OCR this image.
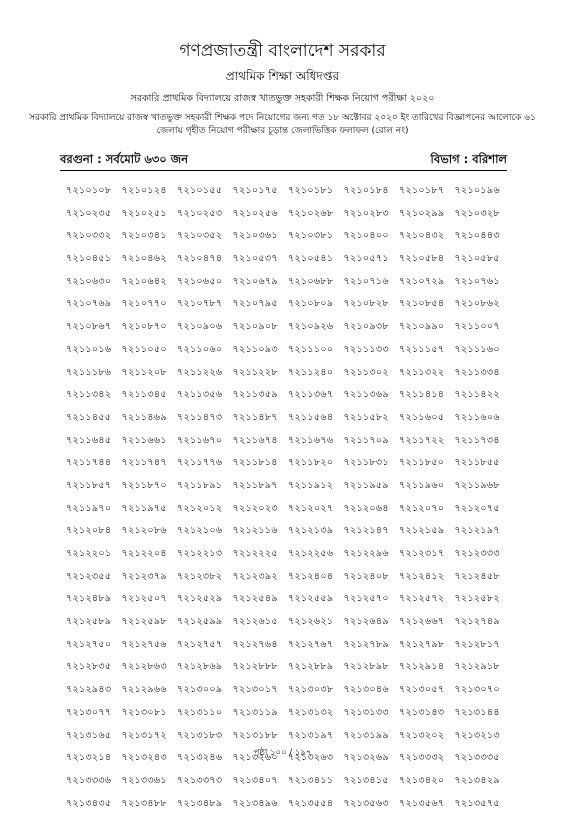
গণপ্রজাতন্ত্রী বাংলাদেশ সরকার
প্রাথমিক শিক্ষা অধিদপ্তর
সরকারি প্রাথমিক বিদ্যালয়ে রাজস্ব খাতভুক্ত সহকারী শিক্ষক নিয়োগ পরীক্ষা ২০২০
সরকারি প্রাথমিক বিদ্যালয়ে রাজস্ব খাতভুক্ত সহকারী শিক্ষক পদে নিয়োগের জন্য গত ১৮ অক্টোবর ২০২০ ইং তারিখের বিজ্ঞাপনের আলোকে ৬১ জেলায় গৃহীত নিয়োগ পরীক্ষার চূড়ান্ত জেলাভিত্তিক ফলাফল (রোল নং)
বরগুনা : সর্বমোট ৬৩০ জন	বিভাগ : বরিশাল
৭২১০১০৮	৭২১০১২৪	৭২১০১৫৫	৭২১০১৭৫	৭২১০১৮১	৭২১০১৮৪	৭২১০১৮৭	৭২১০১৯৬
৭২১০২৩৫	৭২১০২৫১	৭২১০২৫৩	৭২১০২৫৬	৭২১০২৬৮	৭২১০২৮৩	৭২১০২৯৯	৭২১০৩২৮
৭২১০৩৩২	৭২১০৩৪১	৭২১০৩৫২	৭২১০৩৬১	৭২১০৩৮১	৭২১০৪০০	৭২১০৪৩২	৭২১০৪৪৩
৭২১০৪৫১	৭২১০৪৬২	৭২১০৪৭৪	৭২১০৫৩৭	৭২১০৫৪১	৭২১০৫৭১	৭২১০৫৮৪	৭২১০৫৮৫
৭২১০৬৩০	৭২১০৬৪২	৭২১০৬৫০	৭২১০৬৭৯	৭২১০৬৮৮	৭২১০৭১৬	৭২১০৭২৯	৭২১০৭৬১
৭২১০৭৬৯	৭২১০৭৭০	৭২১০৭৮৭	৭২১০৭৯৫	৭২১০৮০৯	৭২১০৮২৮	৭২১০৮৫৪	৭২১০৮৬২
৭২১০৮৬৭	৭২১০৮৭০	৭২১০৯০৬	৭২১০৯০৮	৭২১০৯২৬	৭২১০৯৩৮	৭২১০৯৯০	৭২১১০০৭
৭২১১০১৬	৭২১১০৫০	৭২১১০৬০	৭২১১০৯৩	৭২১১১০০	৭২১১১৩৩	৭২১১১৫৭	৭২১১১৬০
৭২১১১৮৬	৭২১১২০৮	৭২১১২২৬	৭২১১২২৮	৭২১১২৪০	৭২১১৩০২	৭২১১৩২২	৭২১১৩৩৪
৭২১১৩৪২	৭২১১৩৪৫	৭২১১৩৫৬	৭২১১৩৫৯	৭২১১৩৬৭	৭২১১৩৬৯	৭২১১৪১৪	৭২১১৪২২
৭২১১৪৫৫	৭২১১৪৬৯	৭২১১৪৭৩	৭২১১৪৮৭	৭২১১৫৬৪	৭২১১৫৮২	৭২১১৬০৫	৭২১১৬০৬
৭২১১৬৪৫	৭২১১৬৬১	৭২১১৬৭০	৭২১১৬৭৪	৭২১১৬৭৬	৭২১১৭০৯	৭২১১৭২২	৭২১১৭৩৪
৭২১১৭৪৪	৭২১১৭৪৭	৭২১১৭৭৬	৭২১১৮১৪	৭২১১৮২০	৭২১১৮৩১	৭২১১৮৫০	৭২১১৮৫৫
৭২১১৮৫৭	৭২১১৮৭০	৭২১১৮৯১	৭২১১৮৯৭	৭২১১৯১২	৭২১১৯৫৯	৭২১১৯৬০	৭২১১৯৬৮
৭২১১৯৭০	৭২১১৯৭৫	৭২১২০১২	৭২১২০২৩	৭২১২০২৭	৭২১২০৬৪	৭২১২০৭০	৭২১২০৭৫
৭২১২০৮৪	৭২১২০৮৬	৭২১২১০৬	৭২১২১১৬	৭২১২১৩৯	৭২১২১৪৭	৭২১২১৫৯	৭২১২১৯৭
৭২১২২০১	৭২১২২০৪	৭২১২২১৩	৭২১২২২৫	৭২১২২৫৬	৭২১২২৯৬	৭২১২৩১৭	৭২১২৩৩৩
৭২১২৩৫৫	৭২১২৩৭৯	৭২১২৩৮২	৭২১২৩৯২	৭২১২৪০৪	৭২১২৪০৮	৭২১২৪১২	৭২১২৪৫৮
৭২১২৪৮৯	৭২১২৫০৭	৭২১২৫২৯	৭২১২৫৪৯	৭২১২৫৫৯	৭২১২৫৭০	৭২১২৫৭২	৭২১২৫৮২
৭২১২৫৮৯	৭২১২৫৯৮	৭২১২৫৯৯	৭২১২৬১৫	৭২১২৬২১	৭২১২৬৪৯	৭২১২৬৬৭	৭২১২৭৪৯
৭২১২৭৫০	৭২১২৭৫৬	৭২১২৭৫৭	৭২১২৭৬৪	৭২১২৭৬৭	৭২১২৭৮৯	৭২১২৭৯৮	৭২১২৮১৭
৭২১২৮৩৫	৭২১২৮৬৩	৭২১২৮৬৯	৭২১২৮৮৮	৭২১২৮৮৯	৭২১২৮৯৮	৭২১২৯১৪	৭২১২৯১৮
৭২১২৯৪৩	৭২১২৯৬৬	৭২১৩০০৯	৭২১৩০১৭	৭২১৩০৩৮	৭২১৩০৪৬	৭২১৩০৫৭	৭২১৩০৭০
৭২১৩০৭৭	৭২১৩০৮১	৭২১৩১১০	৭২১৩১১৯	৭২১৩১৩২	৭২১৩১৩৩	৭২১৩১৪৩	৭২১৩১৪৪
৭২১৩১৬৫	৭২১৩১৭২	৭২১৩১৮৩	৭২১৩১৮৮	৭২১৩১৯৭	৭২১৩১৯৯	৭২১৩২০২	৭২১৩২১৩
৭২১৩২১৪	৭২১৩২৪৩	৭২১৩২৪৬	৭২১৩২৬০	৭২১৩২৬৩	৭২১৩২৬৯	৭২১৩৩৩২	৭২১৩৩৩৫
৭২১৩৩৩৬	৭২১৩৩৬১	৭২১৩৩৭৩	৭২১৩৪০৭	৭২১৩৪১১	৭২১৩৪১৫	৭২১৩৪২০	৭২১৩৪২৯
৭২১৩৪৩৫	৭২১৩৪৮৮	৭২১৩৪৮৯	৭২১৩৪৯৬	৭২১৩৫৫৪	৭২১৩৫৬৩	৭২১৩৫৬৭	৭২১৩৫৭৫
পৃষ্ঠা ১০০ / ১৯৭
